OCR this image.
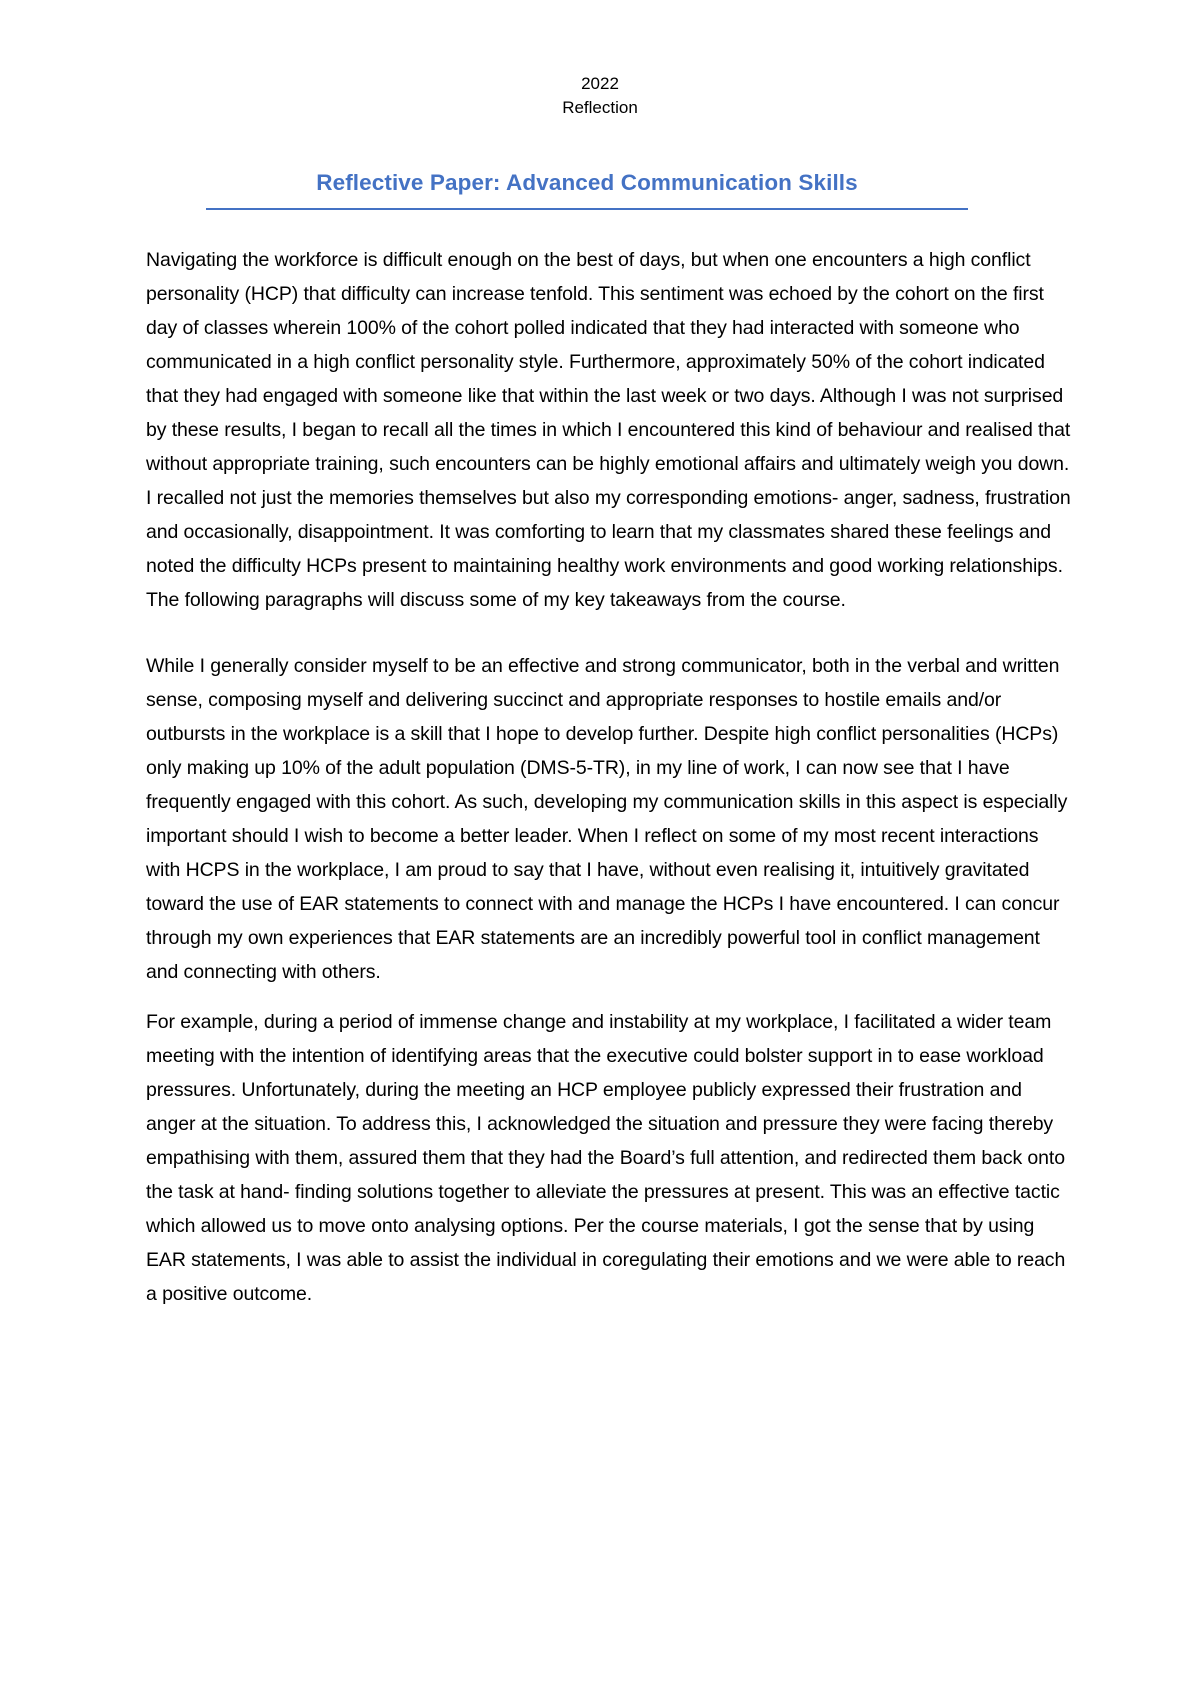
2022
Reflection
Reflective Paper: Advanced Communication Skills

Navigating the workforce is difficult enough on the best of days, but when one encounters a high conflict personality (HCP) that difficulty can increase tenfold. This sentiment was echoed by the cohort on the first day of classes wherein 100% of the cohort polled indicated that they had interacted with someone who communicated in a high conflict personality style. Furthermore, approximately 50% of the cohort indicated that they had engaged with someone like that within the last week or two days. Although I was not surprised by these results, I began to recall all the times in which I encountered this kind of behaviour and realised that without appropriate training, such encounters can be highly emotional affairs and ultimately weigh you down. I recalled not just the memories themselves but also my corresponding emotions- anger, sadness, frustration and occasionally, disappointment. It was comforting to learn that my classmates shared these feelings and noted the difficulty HCPs present to maintaining healthy work environments and good working relationships. The following paragraphs will discuss some of my key takeaways from the course.

While I generally consider myself to be an effective and strong communicator, both in the verbal and written sense, composing myself and delivering succinct and appropriate responses to hostile emails and/or outbursts in the workplace is a skill that I hope to develop further. Despite high conflict personalities (HCPs) only making up 10% of the adult population (DMS-5-TR), in my line of work, I can now see that I have frequently engaged with this cohort. As such, developing my communication skills in this aspect is especially important should I wish to become a better leader. When I reflect on some of my most recent interactions with HCPS in the workplace, I am proud to say that I have, without even realising it, intuitively gravitated toward the use of EAR statements to connect with and manage the HCPs I have encountered. I can concur through my own experiences that EAR statements are an incredibly powerful tool in conflict management and connecting with others.

For example, during a period of immense change and instability at my workplace, I facilitated a wider team meeting with the intention of identifying areas that the executive could bolster support in to ease workload pressures. Unfortunately, during the meeting an HCP employee publicly expressed their frustration and anger at the situation. To address this, I acknowledged the situation and pressure they were facing thereby empathising with them, assured them that they had the Board’s full attention, and redirected them back onto the task at hand- finding solutions together to alleviate the pressures at present. This was an effective tactic which allowed us to move onto analysing options. Per the course materials, I got the sense that by using EAR statements, I was able to assist the individual in coregulating their emotions and we were able to reach a positive outcome.
